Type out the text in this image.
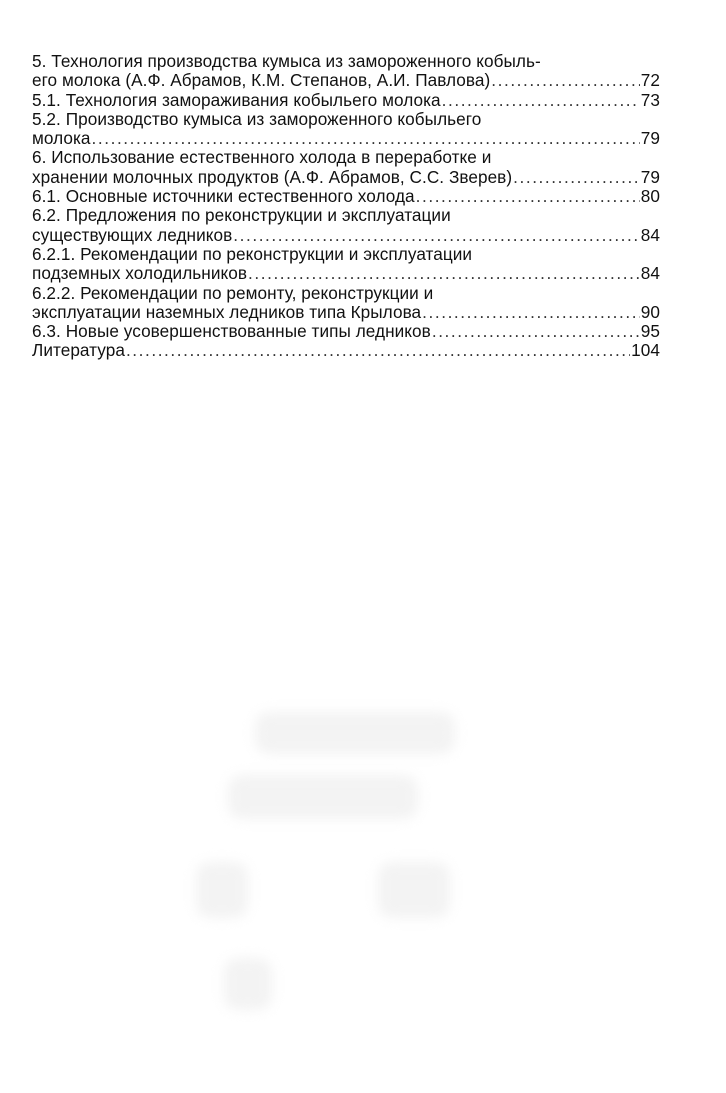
5. Технология производства кумыса из замороженного кобыль-
его молока (А.Ф. Абрамов, К.М. Степанов, А.И. Павлова) . . .	72
5.1. Технология замораживания кобыльего молока . . .	73
5.2. Производство кумыса из замороженного кобыльего
молока . . .	79
6. Использование естественного холода в переработке и
хранении молочных продуктов (А.Ф. Абрамов, С.С. Зверев) . . .	79
6.1. Основные источники естественного холода . . .	80
6.2. Предложения по реконструкции и эксплуатации
существующих ледников . . .	84
6.2.1. Рекомендации по реконструкции и эксплуатации
подземных холодильников . . .	84
6.2.2. Рекомендации по ремонту, реконструкции и
эксплуатации наземных ледников типа Крылова . . .	90
6.3. Новые усовершенствованные типы ледников . . .	95
Литература . . .	104
